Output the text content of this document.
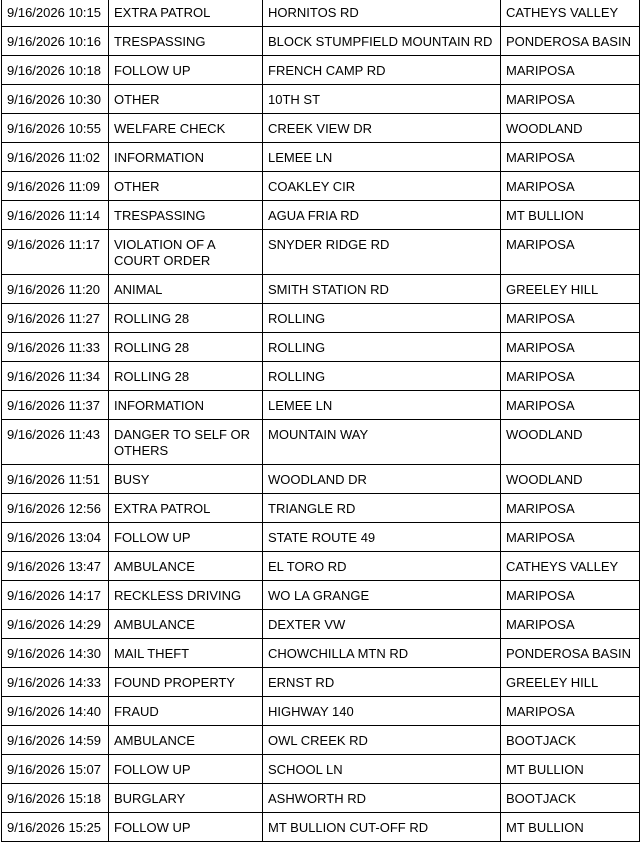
9/16/2026 10:15	EXTRA PATROL	HORNITOS RD	CATHEYS VALLEY
9/16/2026 10:16	TRESPASSING	BLOCK STUMPFIELD MOUNTAIN RD	PONDEROSA BASIN
9/16/2026 10:18	FOLLOW UP	FRENCH CAMP RD	MARIPOSA
9/16/2026 10:30	OTHER	10TH ST	MARIPOSA
9/16/2026 10:55	WELFARE CHECK	CREEK VIEW DR	WOODLAND
9/16/2026 11:02	INFORMATION	LEMEE LN	MARIPOSA
9/16/2026 11:09	OTHER	COAKLEY CIR	MARIPOSA
9/16/2026 11:14	TRESPASSING	AGUA FRIA RD	MT BULLION
9/16/2026 11:17	VIOLATION OF A COURT ORDER	SNYDER RIDGE RD	MARIPOSA
9/16/2026 11:20	ANIMAL	SMITH STATION RD	GREELEY HILL
9/16/2026 11:27	ROLLING 28	ROLLING	MARIPOSA
9/16/2026 11:33	ROLLING 28	ROLLING	MARIPOSA
9/16/2026 11:34	ROLLING 28	ROLLING	MARIPOSA
9/16/2026 11:37	INFORMATION	LEMEE LN	MARIPOSA
9/16/2026 11:43	DANGER TO SELF OR OTHERS	MOUNTAIN WAY	WOODLAND
9/16/2026 11:51	BUSY	WOODLAND DR	WOODLAND
9/16/2026 12:56	EXTRA PATROL	TRIANGLE RD	MARIPOSA
9/16/2026 13:04	FOLLOW UP	STATE ROUTE 49	MARIPOSA
9/16/2026 13:47	AMBULANCE	EL TORO RD	CATHEYS VALLEY
9/16/2026 14:17	RECKLESS DRIVING	WO LA GRANGE	MARIPOSA
9/16/2026 14:29	AMBULANCE	DEXTER VW	MARIPOSA
9/16/2026 14:30	MAIL THEFT	CHOWCHILLA MTN RD	PONDEROSA BASIN
9/16/2026 14:33	FOUND PROPERTY	ERNST RD	GREELEY HILL
9/16/2026 14:40	FRAUD	HIGHWAY 140	MARIPOSA
9/16/2026 14:59	AMBULANCE	OWL CREEK RD	BOOTJACK
9/16/2026 15:07	FOLLOW UP	SCHOOL LN	MT BULLION
9/16/2026 15:18	BURGLARY	ASHWORTH RD	BOOTJACK
9/16/2026 15:25	FOLLOW UP	MT BULLION CUT-OFF RD	MT BULLION
